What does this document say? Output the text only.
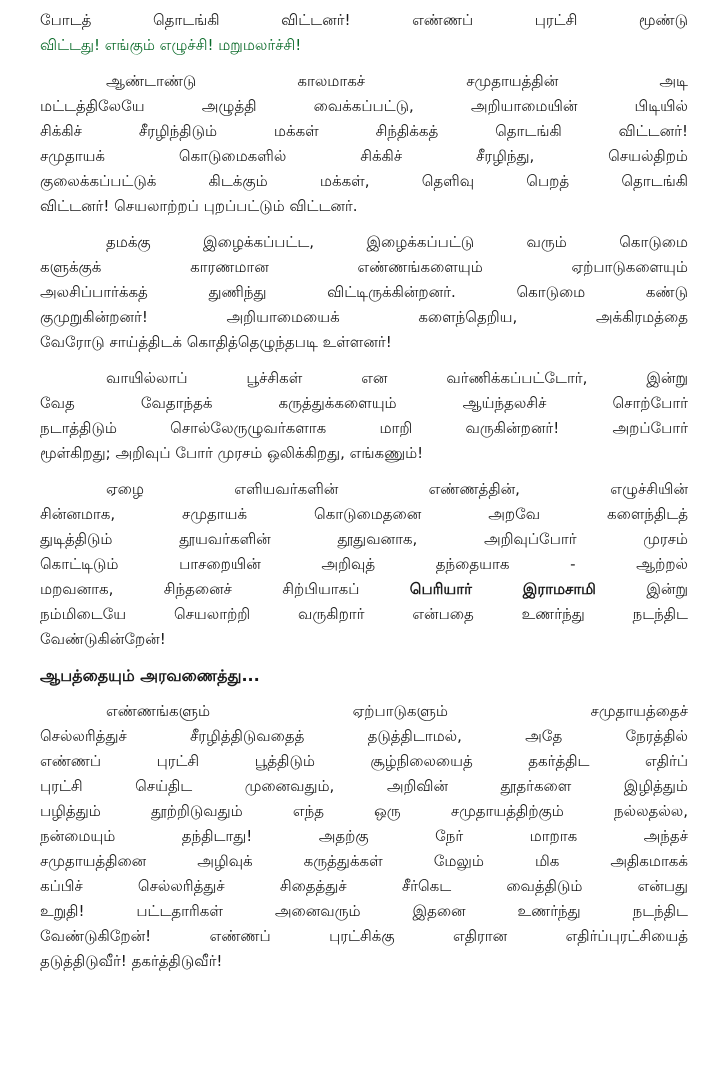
போடத் தொடங்கி விட்டனர்! எண்ணப் புரட்சி மூண்டு
விட்டது! எங்கும் எழுச்சி! மறுமலர்ச்சி!

ஆண்டாண்டு காலமாகச் சமுதாயத்தின் அடி
மட்டத்திலேயே அழுத்தி வைக்கப்பட்டு, அறியாமையின் பிடியில்
சிக்கிச் சீரழிந்திடும் மக்கள் சிந்திக்கத் தொடங்கி விட்டனர்!
சமுதாயக் கொடுமைகளில் சிக்கிச் சீரழிந்து, செயல்திறம்
குலைக்கப்பட்டுக் கிடக்கும் மக்கள், தெளிவு பெறத் தொடங்கி
விட்டனர்! செயலாற்றப் புறப்பட்டும் விட்டனர்.

தமக்கு இழைக்கப்பட்ட, இழைக்கப்பட்டு வரும் கொடுமை
களுக்குக் காரணமான எண்ணங்களையும் ஏற்பாடுகளையும்
அலசிப்பார்க்கத் துணிந்து விட்டிருக்கின்றனர். கொடுமை கண்டு
குமுறுகின்றனர்! அறியாமையைக் களைந்தெறிய, அக்கிரமத்தை
வேரோடு சாய்த்திடக் கொதித்தெழுந்தபடி உள்ளனர்!

வாயில்லாப் பூச்சிகள் என வர்ணிக்கப்பட்டோர், இன்று
வேத வேதாந்தக் கருத்துக்களையும் ஆய்ந்தலசிச் சொற்போர்
நடாத்திடும் சொல்லேருழுவர்களாக மாறி வருகின்றனர்! அறப்போர்
மூள்கிறது; அறிவுப் போர் முரசம் ஒலிக்கிறது, எங்கணும்!

ஏழை எளியவர்களின் எண்ணத்தின், எழுச்சியின்
சின்னமாக, சமுதாயக் கொடுமைதனை அறவே களைந்திடத்
துடித்திடும் தூயவர்களின் தூதுவனாக, அறிவுப்போர் முரசம்
கொட்டிடும் பாசறையின் அறிவுத் தந்தையாக - ஆற்றல்
மறவனாக, சிந்தனைச் சிற்பியாகப்	பெரியார் இராமசாமி	இன்று
நம்மிடையே செயலாற்றி வருகிறார் என்பதை உணர்ந்து நடந்திட
வேண்டுகின்றேன்!

ஆபத்தையும் அரவணைத்து...

எண்ணங்களும் ஏற்பாடுகளும் சமுதாயத்தைச்
செல்லரித்துச் சீரழித்திடுவதைத் தடுத்திடாமல், அதே நேரத்தில்
எண்ணப் புரட்சி பூத்திடும் சூழ்நிலையைத் தகர்த்திட எதிர்ப்
புரட்சி செய்திட முனைவதும், அறிவின் தூதர்களை இழித்தும்
பழித்தும் தூற்றிடுவதும் எந்த ஒரு சமுதாயத்திற்கும் நல்லதல்ல,
நன்மையும் தந்திடாது! அதற்கு நேர் மாறாக அந்தச்
சமுதாயத்தினை அழிவுக் கருத்துக்கள் மேலும் மிக அதிகமாகக்
கப்பிச் செல்லரித்துச் சிதைத்துச் சீர்கெட வைத்திடும் என்பது
உறுதி! பட்டதாரிகள் அனைவரும் இதனை உணர்ந்து நடந்திட
வேண்டுகிறேன்! எண்ணப் புரட்சிக்கு எதிரான எதிர்ப்புரட்சியைத்
தடுத்திடுவீர்! தகர்த்திடுவீர்!
